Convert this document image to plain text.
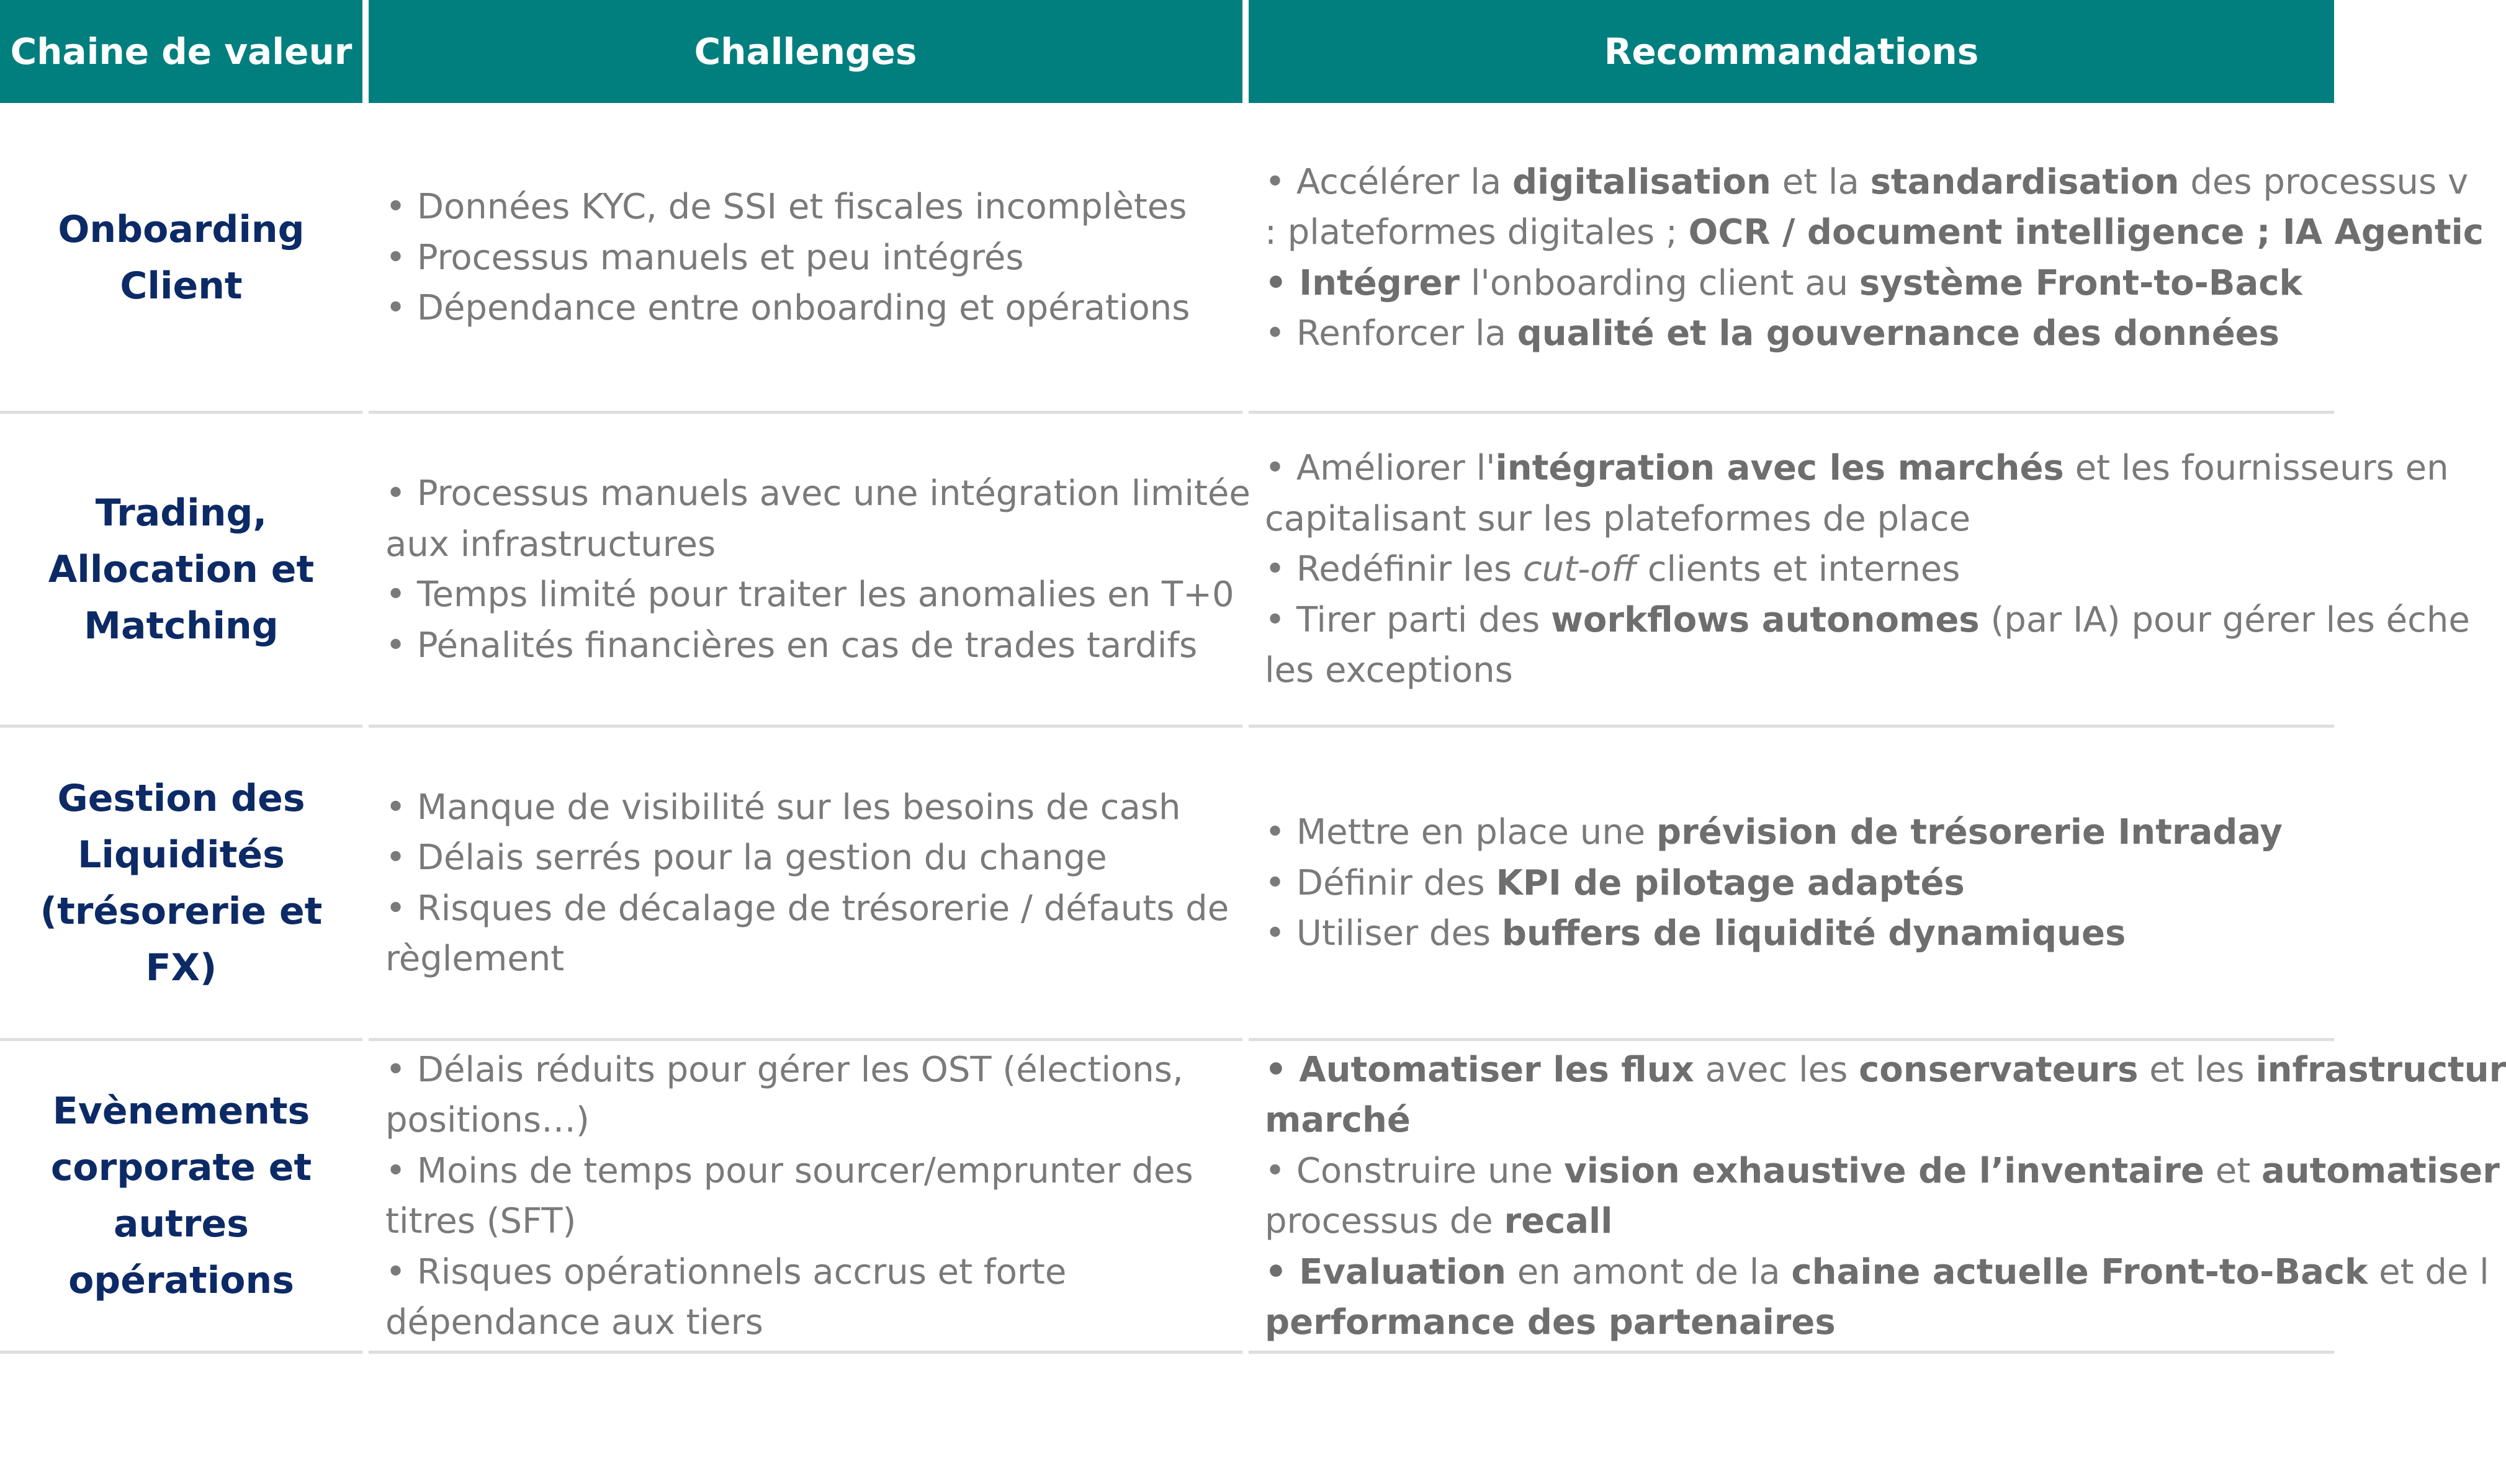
Chaine de valeur	Challenges	Recommandations
Onboarding Client
• Données KYC, de SSI et fiscales incomplètes
• Processus manuels et peu intégrés
• Dépendance entre onboarding et opérations
• Accélérer la digitalisation et la standardisation des processus v
: plateformes digitales ; OCR / document intelligence ; IA Agentic
• Intégrer l'onboarding client au système Front-to-Back
• Renforcer la qualité et la gouvernance des données
Trading, Allocation et Matching
• Processus manuels avec une intégration limitée
aux infrastructures
• Temps limité pour traiter les anomalies en T+0
• Pénalités financières en cas de trades tardifs
• Améliorer l'intégration avec les marchés et les fournisseurs en
capitalisant sur les plateformes de place
• Redéfinir les cut-off clients et internes
• Tirer parti des workflows autonomes (par IA) pour gérer les éche
les exceptions
Gestion des Liquidités (trésorerie et FX)
• Manque de visibilité sur les besoins de cash
• Délais serrés pour la gestion du change
• Risques de décalage de trésorerie / défauts de
règlement
• Mettre en place une prévision de trésorerie Intraday
• Définir des KPI de pilotage adaptés
• Utiliser des buffers de liquidité dynamiques
Evènements corporate et autres opérations
• Délais réduits pour gérer les OST (élections,
positions…)
• Moins de temps pour sourcer/emprunter des
titres (SFT)
• Risques opérationnels accrus et forte
dépendance aux tiers
• Automatiser les flux avec les conservateurs et les infrastructur
marché
• Construire une vision exhaustive de l’inventaire et automatiser
processus de recall
• Evaluation en amont de la chaine actuelle Front-to-Back et de l
performance des partenaires
